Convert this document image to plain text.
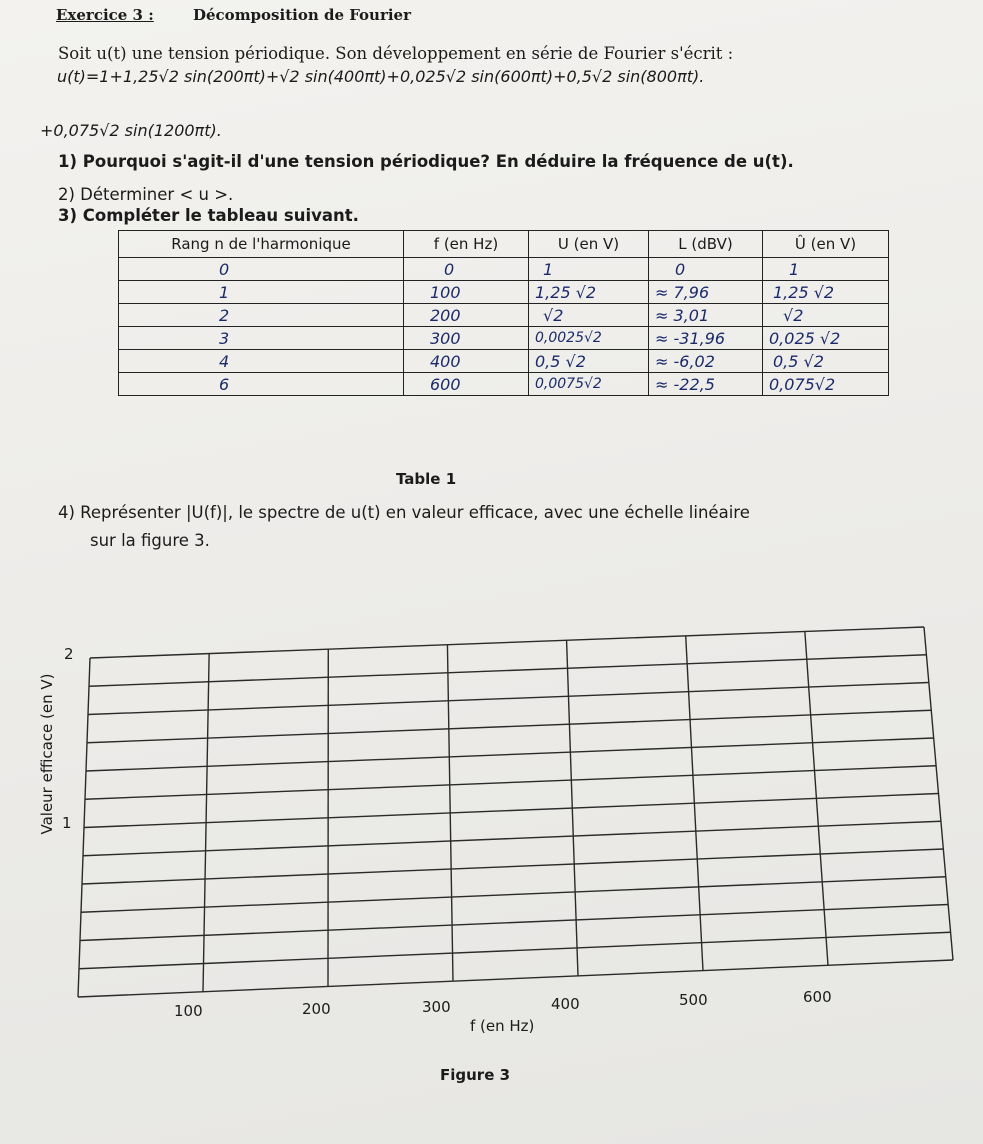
Exercice 3 :	Décomposition de Fourier
Soit u(t) une tension périodique. Son développement en série de Fourier s'écrit :
u(t)=1+1,25√2 sin(200πt)+√2 sin(400πt)+0,025√2 sin(600πt)+0,5√2 sin(800πt).
+0,075√2 sin(1200πt).
1) Pourquoi s'agit-il d'une tension périodique? En déduire la fréquence de u(t).
2) Déterminer < u >.
3) Compléter le tableau suivant.
Rang n de l'harmonique	f (en Hz)	U (en V)	L (dBV)	Û (en V)
0	0	1	0	1
1	100	1,25 √2	≈ 7,96	1,25 √2
2	200	√2	≈ 3,01	√2
3	300	0,0025√2	≈ -31,96	0,025 √2
4	400	0,5 √2	≈ -6,02	0,5 √2
6	600	0,0075√2	≈ -22,5	0,075√2
Table 1
4) Représenter |U(f)|, le spectre de u(t) en valeur efficace, avec une échelle linéaire
sur la figure 3.
2
1
Valeur efficace (en V)
100	200	300	400	500	600
f (en Hz)
Figure 3
